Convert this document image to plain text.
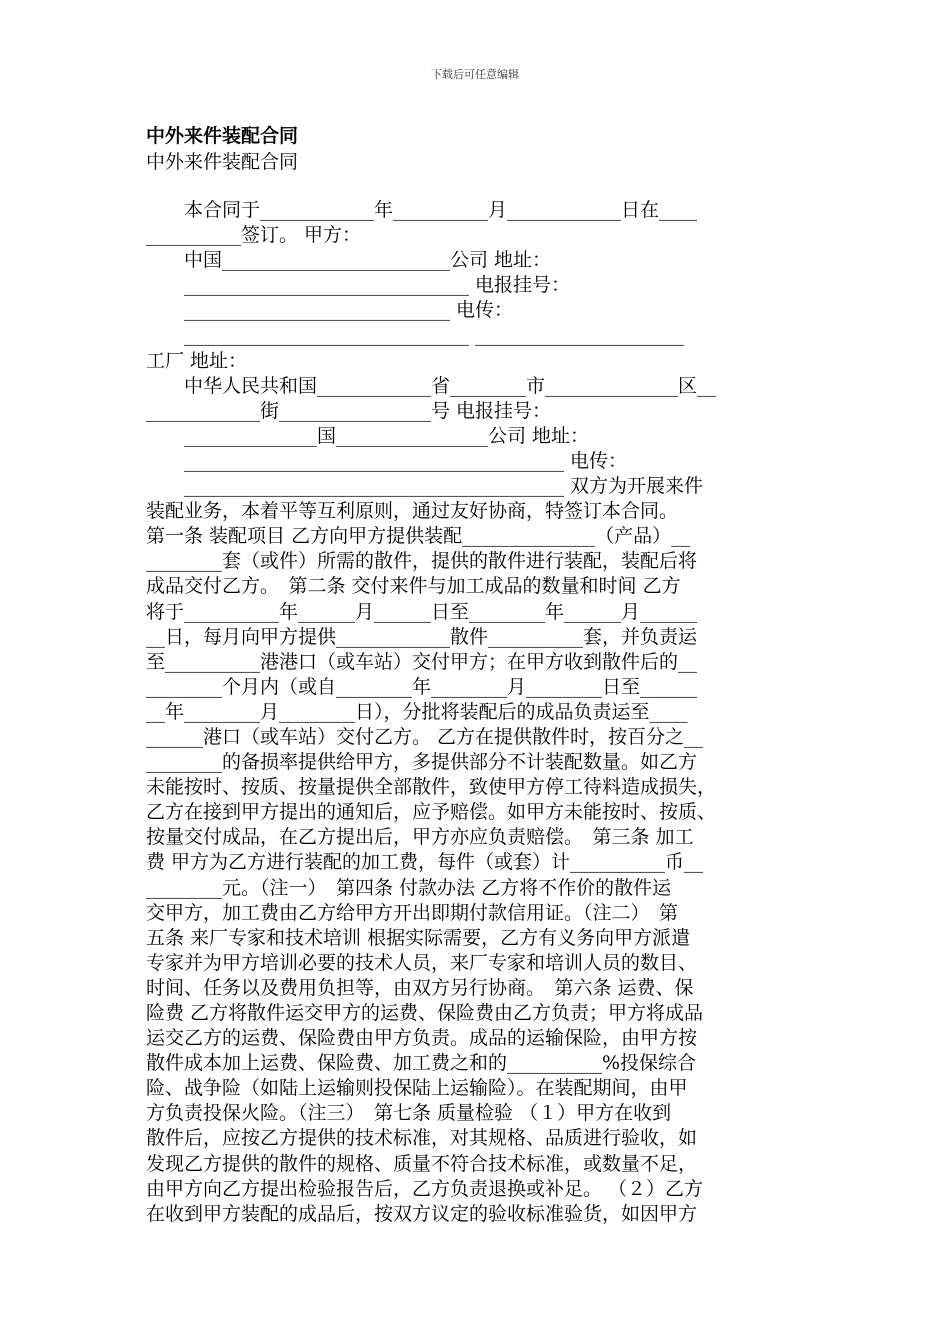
下载后可任意编辑
中外来件装配合同
中外来件装配合同
　　本合同于____________年__________月____________日在____
__________签订。 甲方：
　　中国________________________公司 地址：
　　______________________________ 电报挂号：
　　____________________________ 电传：
　　______________________________ ______________________
工厂 地址：
　　中华人民共和国____________省________市______________区__
____________街________________号 电报挂号：
　　______________国________________公司 地址：
　　________________________________________ 电传：
　　________________________________________ 双方为开展来件
装配业务，本着平等互利原则，通过友好协商，特签订本合同。
第一条 装配项目 乙方向甲方提供装配______________（产品）__
________套（或件）所需的散件，提供的散件进行装配，装配后将
成品交付乙方。　第二条 交付来件与加工成品的数量和时间 乙方
将于__________年______月______日至________年______月______
__日，每月向甲方提供____________散件__________套，并负责运
至__________港港口（或车站）交付甲方；在甲方收到散件后的__
________个月内（或自________年________月________日至______
__年________月________日），分批将装配后的成品负责运至____
______港口（或车站）交付乙方。 乙方在提供散件时，按百分之__
________的备损率提供给甲方，多提供部分不计装配数量。如乙方
未能按时、按质、按量提供全部散件，致使甲方停工待料造成损失，
乙方在接到甲方提出的通知后，应予赔偿。如甲方未能按时、按质、
按量交付成品，在乙方提出后，甲方亦应负责赔偿。　第三条 加工
费 甲方为乙方进行装配的加工费，每件（或套）计__________币__
________元。（注一）　第四条 付款办法 乙方将不作价的散件运
交甲方，加工费由乙方给甲方开出即期付款信用证。（注二）　第
五条 来厂专家和技术培训 根据实际需要，乙方有义务向甲方派遣
专家并为甲方培训必要的技术人员，来厂专家和培训人员的数目、
时间、任务以及费用负担等，由双方另行协商。　第六条 运费、保
险费 乙方将散件运交甲方的运费、保险费由乙方负责；甲方将成品
运交乙方的运费、保险费由甲方负责。成品的运输保险，由甲方按
散件成本加上运费、保险费、加工费之和的__________%投保综合
险、战争险（如陆上运输则投保陆上运输险）。在装配期间，由甲
方负责投保火险。（注三）　第七条 质量检验 （１）甲方在收到
散件后，应按乙方提供的技术标准，对其规格、品质进行验收，如
发现乙方提供的散件的规格、质量不符合技术标准，或数量不足，
由甲方向乙方提出检验报告后，乙方负责退换或补足。 （２）乙方
在收到甲方装配的成品后，按双方议定的验收标准验货，如因甲方
